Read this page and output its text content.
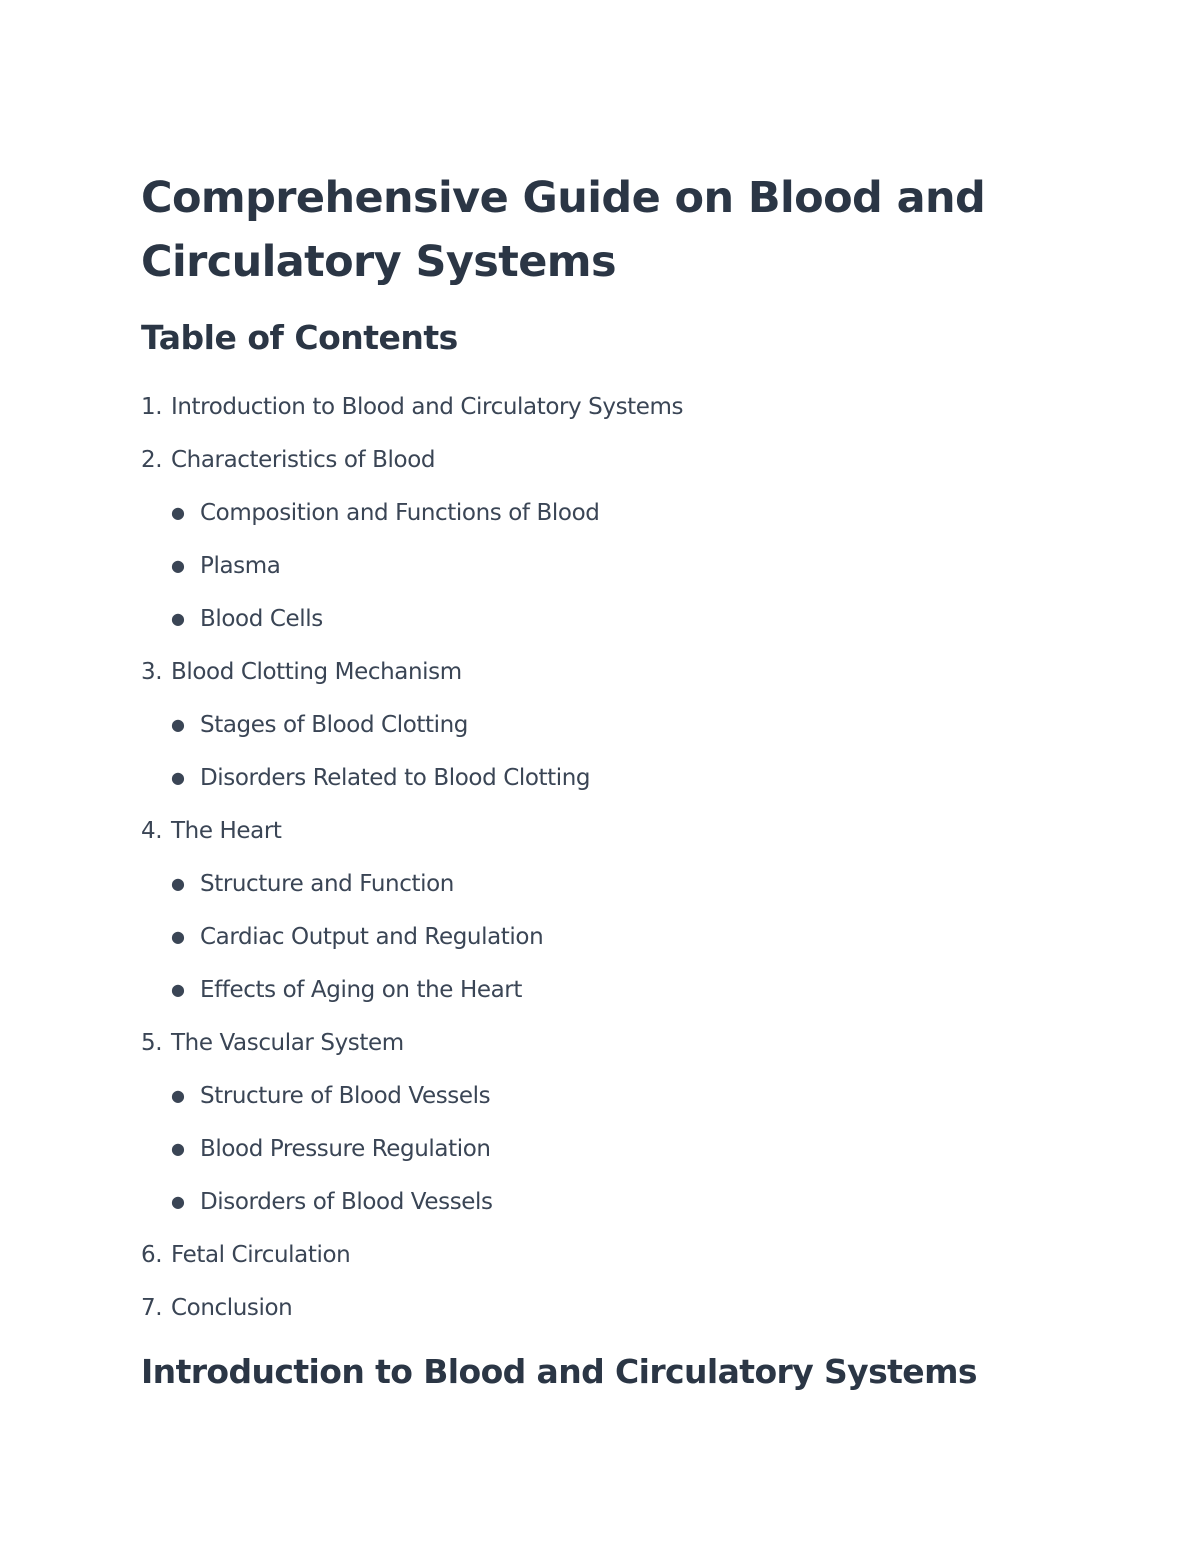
Comprehensive Guide on Blood and Circulatory Systems
Table of Contents
1. Introduction to Blood and Circulatory Systems
2. Characteristics of Blood
● Composition and Functions of Blood
● Plasma
● Blood Cells
3. Blood Clotting Mechanism
● Stages of Blood Clotting
● Disorders Related to Blood Clotting
4. The Heart
● Structure and Function
● Cardiac Output and Regulation
● Effects of Aging on the Heart
5. The Vascular System
● Structure of Blood Vessels
● Blood Pressure Regulation
● Disorders of Blood Vessels
6. Fetal Circulation
7. Conclusion
Introduction to Blood and Circulatory Systems
